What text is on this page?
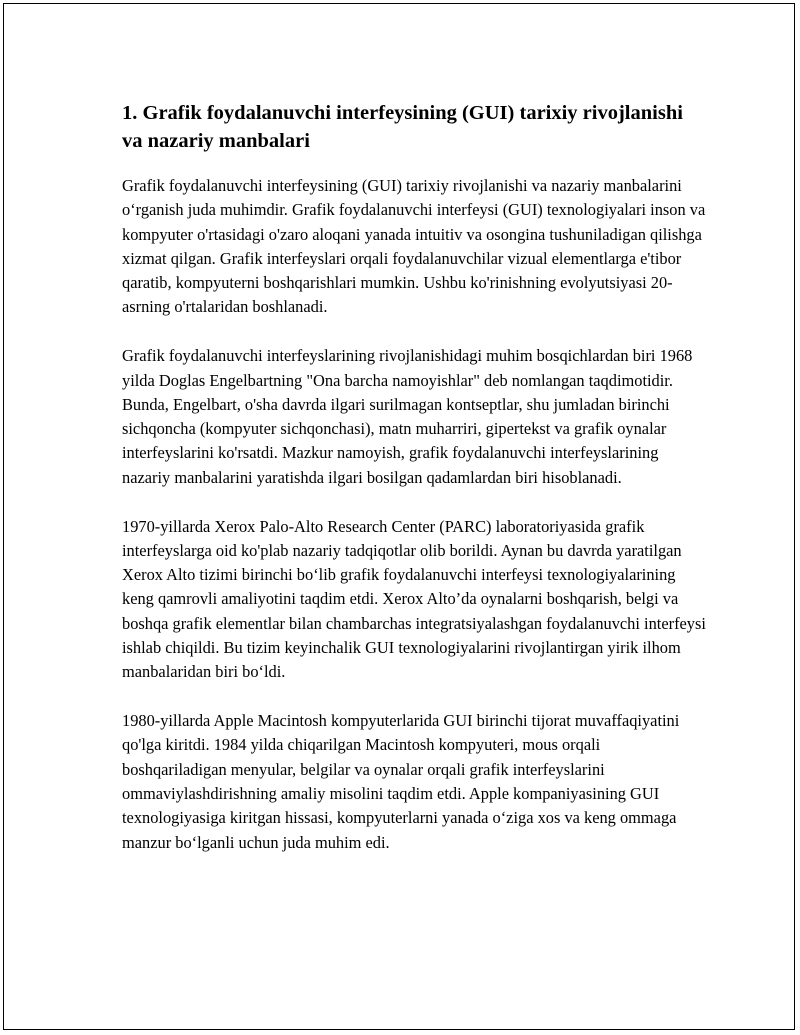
1. Grafik foydalanuvchi interfeysining (GUI) tarixiy rivojlanishi va nazariy manbalari

Grafik foydalanuvchi interfeysining (GUI) tarixiy rivojlanishi va nazariy manbalarini o‘rganish juda muhimdir. Grafik foydalanuvchi interfeysi (GUI) texnologiyalari inson va kompyuter o'rtasidagi o'zaro aloqani yanada intuitiv va osongina tushuniladigan qilishga xizmat qilgan. Grafik interfeyslari orqali foydalanuvchilar vizual elementlarga e'tibor qaratib, kompyuterni boshqarishlari mumkin. Ushbu ko'rinishning evolyutsiyasi 20-asrning o'rtalaridan boshlanadi.

Grafik foydalanuvchi interfeyslarining rivojlanishidagi muhim bosqichlardan biri 1968 yilda Doglas Engelbartning "Ona barcha namoyishlar" deb nomlangan taqdimotidir. Bunda, Engelbart, o'sha davrda ilgari surilmagan kontseptlar, shu jumladan birinchi sichqoncha (kompyuter sichqonchasi), matn muharriri, gipertekst va grafik oynalar interfeyslarini ko'rsatdi. Mazkur namoyish, grafik foydalanuvchi interfeyslarining nazariy manbalarini yaratishda ilgari bosilgan qadamlardan biri hisoblanadi.

1970-yillarda Xerox Palo-Alto Research Center (PARC) laboratoriyasida grafik interfeyslarga oid ko'plab nazariy tadqiqotlar olib borildi. Aynan bu davrda yaratilgan Xerox Alto tizimi birinchi bo‘lib grafik foydalanuvchi interfeysi texnologiyalarining keng qamrovli amaliyotini taqdim etdi. Xerox Alto’da oynalarni boshqarish, belgi va boshqa grafik elementlar bilan chambarchas integratsiyalashgan foydalanuvchi interfeysi ishlab chiqildi. Bu tizim keyinchalik GUI texnologiyalarini rivojlantirgan yirik ilhom manbalaridan biri bo‘ldi.

1980-yillarda Apple Macintosh kompyuterlarida GUI birinchi tijorat muvaffaqiyatini qo'lga kiritdi. 1984 yilda chiqarilgan Macintosh kompyuteri, mous orqali boshqariladigan menyular, belgilar va oynalar orqali grafik interfeyslarini ommaviylashdirishning amaliy misolini taqdim etdi. Apple kompaniyasining GUI texnologiyasiga kiritgan hissasi, kompyuterlarni yanada o‘ziga xos va keng ommaga manzur bo‘lganli uchun juda muhim edi.
